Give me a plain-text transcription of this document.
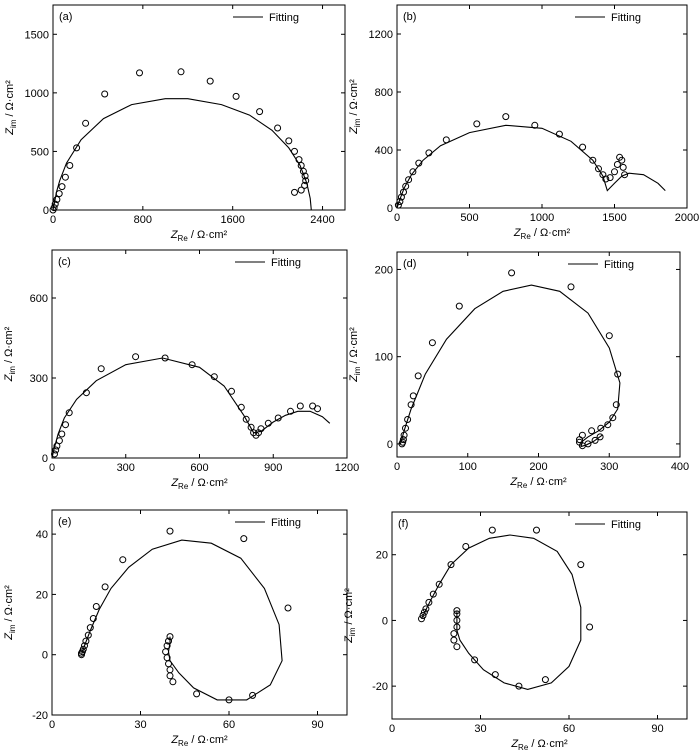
0	800	1600	2400
0
500
1000
1500
(a)	Fitting
$Z_{Re} / \Omega\cdot cm^2$
$Z_{im} / \Omega\cdot cm^2$
0	500	1000	1500	2000
0
400
800
1200
(b)	Fitting
$Z_{Re} / \Omega\cdot cm^2$
$Z_{im} / \Omega\cdot cm^2$
0	300	600	900	1200
0
300
600
(c)	Fitting
$Z_{Re} / \Omega\cdot cm^2$
$Z_{im} / \Omega\cdot cm^2$
0	100	200	300	400
0
100
200
(d)	Fitting
$Z_{Re} / \Omega\cdot cm^2$
$Z_{im} / \Omega\cdot cm^2$
0	30	60	90
-20
0
20
40
(e)	Fitting
$Z_{Re} / \Omega\cdot cm^2$
$Z_{im} / \Omega\cdot cm^2$
0	30	60	90
-20
0
20
(f)	Fitting
$Z_{Re} / \Omega\cdot cm^2$
$Z_{im} / \Omega\cdot cm^2$
